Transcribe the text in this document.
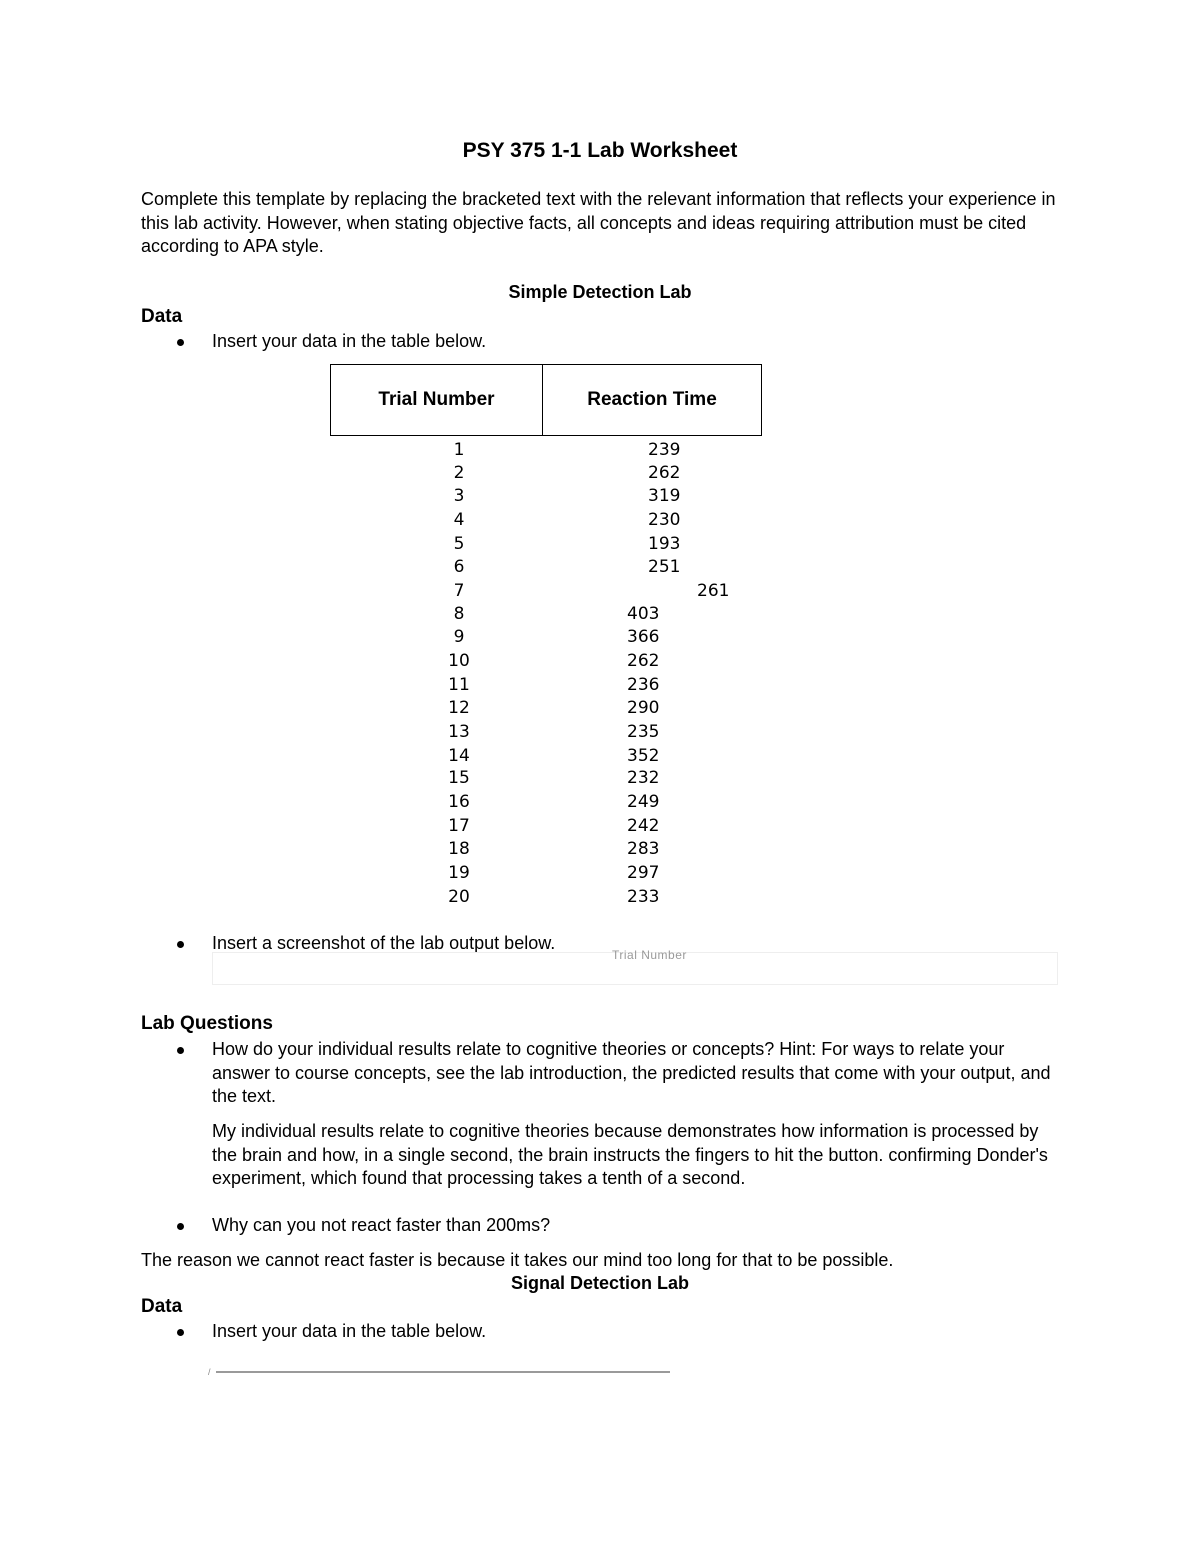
PSY 375 1-1 Lab Worksheet
Complete this template by replacing the bracketed text with the relevant information that reflects your experience in this lab activity. However, when stating objective facts, all concepts and ideas requiring attribution must be cited according to APA style.
Simple Detection Lab
Data
Insert your data in the table below.
Trial Number	Reaction Time
1	239
2	262
3	319
4	230
5	193
6	251
7	261
8	403
9	366
10	262
11	236
12	290
13	235
14	352
15	232
16	249
17	242
18	283
19	297
20	233
Insert a screenshot of the lab output below.
Trial Number
Lab Questions
How do your individual results relate to cognitive theories or concepts? Hint: For ways to relate your answer to course concepts, see the lab introduction, the predicted results that come with your output, and the text.
My individual results relate to cognitive theories because demonstrates how information is processed by the brain and how, in a single second, the brain instructs the fingers to hit the button. confirming Donder's experiment, which found that processing takes a tenth of a second.
Why can you not react faster than 200ms?
The reason we cannot react faster is because it takes our mind too long for that to be possible.
Signal Detection Lab
Data
Insert your data in the table below.
/
